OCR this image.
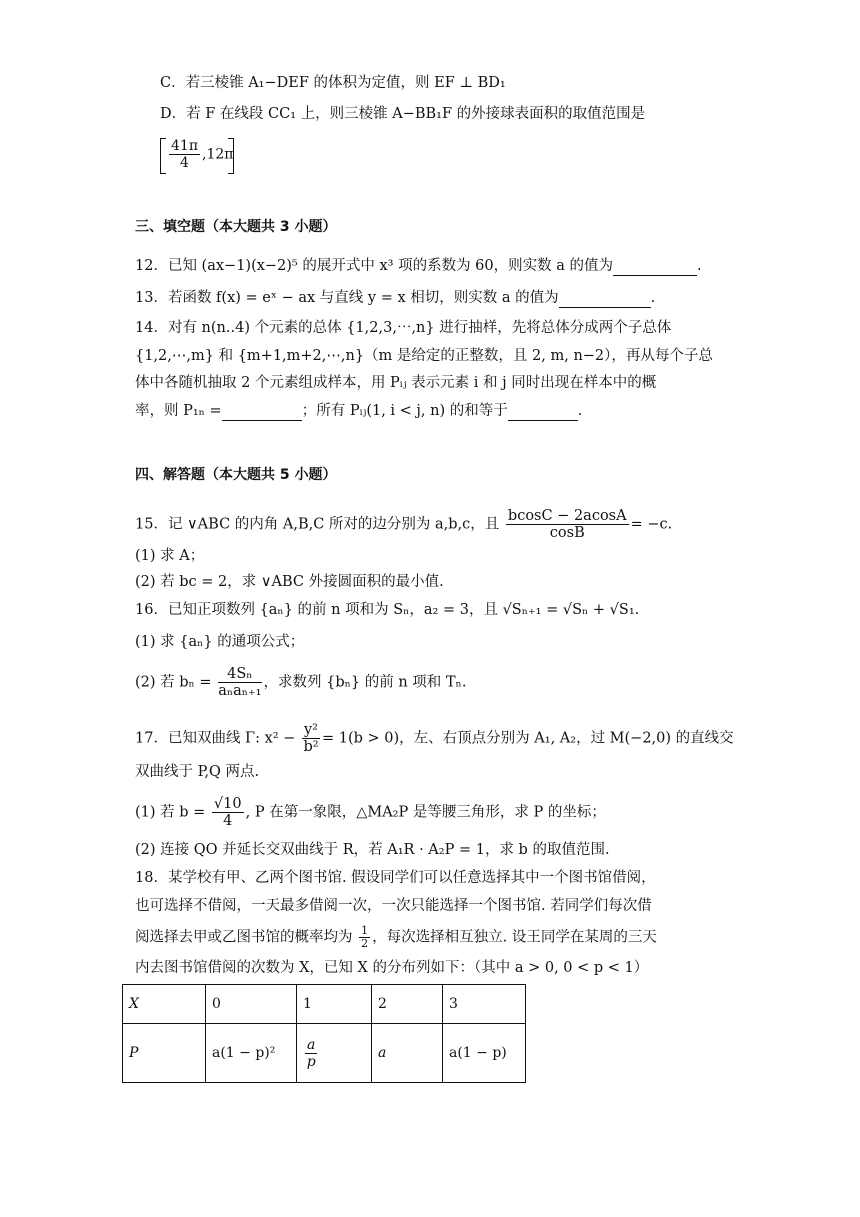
C．若三棱锥 A₁−DEF 的体积为定值，则 EF ⊥ BD₁
D．若 F 在线段 CC₁ 上，则三棱锥 A−BB₁F 的外接球表面积的取值范围是
$\frac{41\pi}{4} ,12\pi$
三、填空题（本大题共 3 小题）
12．已知 (ax−1)(x−2)⁵ 的展开式中 x³ 项的系数为 60，则实数 a 的值为	.
13．若函数 f(x) = eˣ − ax 与直线 y = x 相切，则实数 a 的值为	.
14．对有 n(n..4) 个元素的总体 {1,2,3,⋯,n} 进行抽样，先将总体分成两个子总体
{1,2,⋯,m} 和 {m+1,m+2,⋯,n}（m 是给定的正整数，且 2, m, n−2），再从每个子总
体中各随机抽取 2 个元素组成样本，用 Pᵢⱼ 表示元素 i 和 j 同时出现在样本中的概
率，则 P₁ₙ =	；所有 Pᵢⱼ(1, i < j, n) 的和等于	.
四、解答题（本大题共 5 小题）
15．记 ∨ABC 的内角 A,B,C 所对的边分别为 a,b,c，且 $\frac{bcosC - 2acosA}{\cos B} = -c$.
(1) 求 A；
(2) 若 bc = 2，求 ∨ABC 外接圆面积的最小值.
16．已知正项数列 {aₙ} 的前 n 项和为 Sₙ，a₂ = 3，且 √Sₙ₊₁ = √Sₙ + √S₁.
(1) 求 {aₙ} 的通项公式；
(2) 若 $b_n = \frac{\text{4Sₙ}}{\text{aₙaₙ₊₁}}$ ，求数列 {bₙ} 的前 n 项和 Tₙ.
17．已知双曲线 Γ: $x^2 - \frac{\text{y²}}{\text{b²}} = 1(b > 0)$，左、右顶点分别为 A₁, A₂，过 M(−2,0) 的直线交
双曲线于 P,Q 两点.
(1) 若 $b = \frac{√10}{4}$ , P 在第一象限，△MA₂P 是等腰三角形，求 P 的坐标；
(2) 连接 QO 并延长交双曲线于 R，若 A₁R · A₂P = 1，求 b 的取值范围.
18．某学校有甲、乙两个图书馆. 假设同学们可以任意选择其中一个图书馆借阅，
也可选择不借阅，一天最多借阅一次，一次只能选择一个图书馆. 若同学们每次借
阅选择去甲或乙图书馆的概率均为 $\frac{1}{2}$ ，每次选择相互独立. 设王同学在某周的三天
内去图书馆借阅的次数为 X，已知 X 的分布列如下：（其中 a > 0, 0 < p < 1）
X	0	1	2	3
P	a(1 − p)²	$\frac{a}{p}$	a	a(1 − p)
